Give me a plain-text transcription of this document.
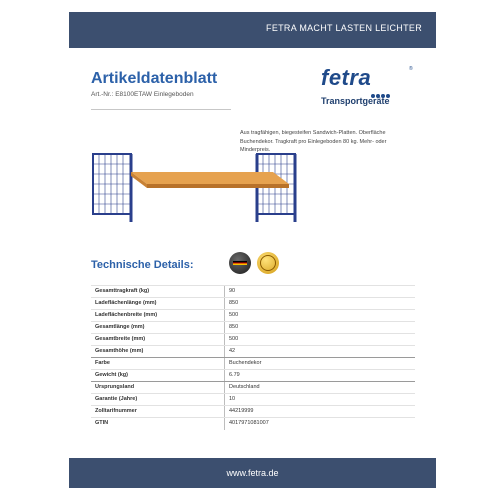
FETRA MACHT LASTEN LEICHTER
Artikeldatenblatt
Art.-Nr.: E8100ETAW Einlegeboden
fetra	®
Transportgeräte
Aus tragfähigen, biegesteifen Sandwich-Platten. Oberfläche Buchendekor. Tragkraft pro Einlegeboden 80 kg. Mehr- oder Minderpreis.
Technische Details:
Gesamttragkraft (kg)	90
Ladeflächenlänge (mm)	850
Ladeflächenbreite (mm)	500
Gesamtlänge (mm)	850
Gesamtbreite (mm)	500
Gesamthöhe (mm)	42
Farbe	Buchendekor
Gewicht (kg)	6.79
Ursprungsland	Deutschland
Garantie (Jahre)	10
Zolltarifnummer	44219999
GTIN	4017971081007
www.fetra.de
